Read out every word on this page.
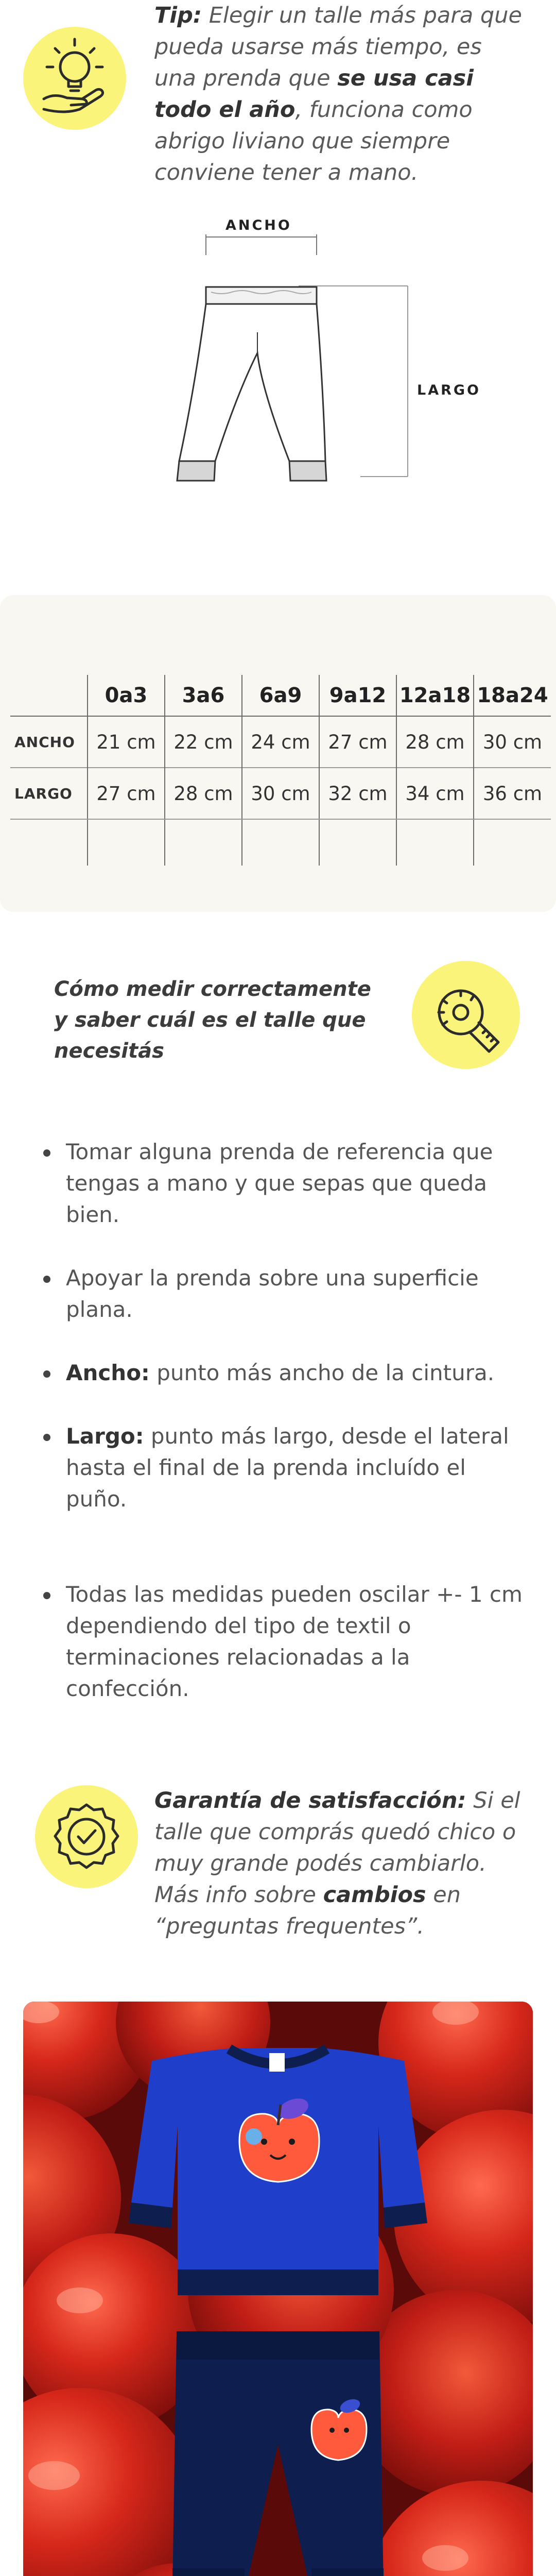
Tip: Elegir un talle más para que pueda usarse más tiempo, es una prenda que se usa casi todo el año, funciona como abrigo liviano que siempre conviene tener a mano.
ANCHO
LARGO
	0a3	3a6	6a9	9a12	12a18	18a24
ANCHO	21 cm	22 cm	24 cm	27 cm	28 cm	30 cm
LARGO	27 cm	28 cm	30 cm	32 cm	34 cm	36 cm

Cómo medir correctamente y saber cuál es el talle que necesitás
Tomar alguna prenda de referencia que tengas a mano y que sepas que queda bien.
Apoyar la prenda sobre una superficie plana.
Ancho: punto más ancho de la cintura.
Largo: punto más largo, desde el lateral hasta el final de la prenda incluído el puño.
Todas las medidas pueden oscilar +- 1 cm dependiendo del tipo de textil o terminaciones relacionadas a la confección.
Garantía de satisfacción: Si el talle que comprás quedó chico o muy grande podés cambiarlo. Más info sobre cambios en “preguntas frequentes”.
